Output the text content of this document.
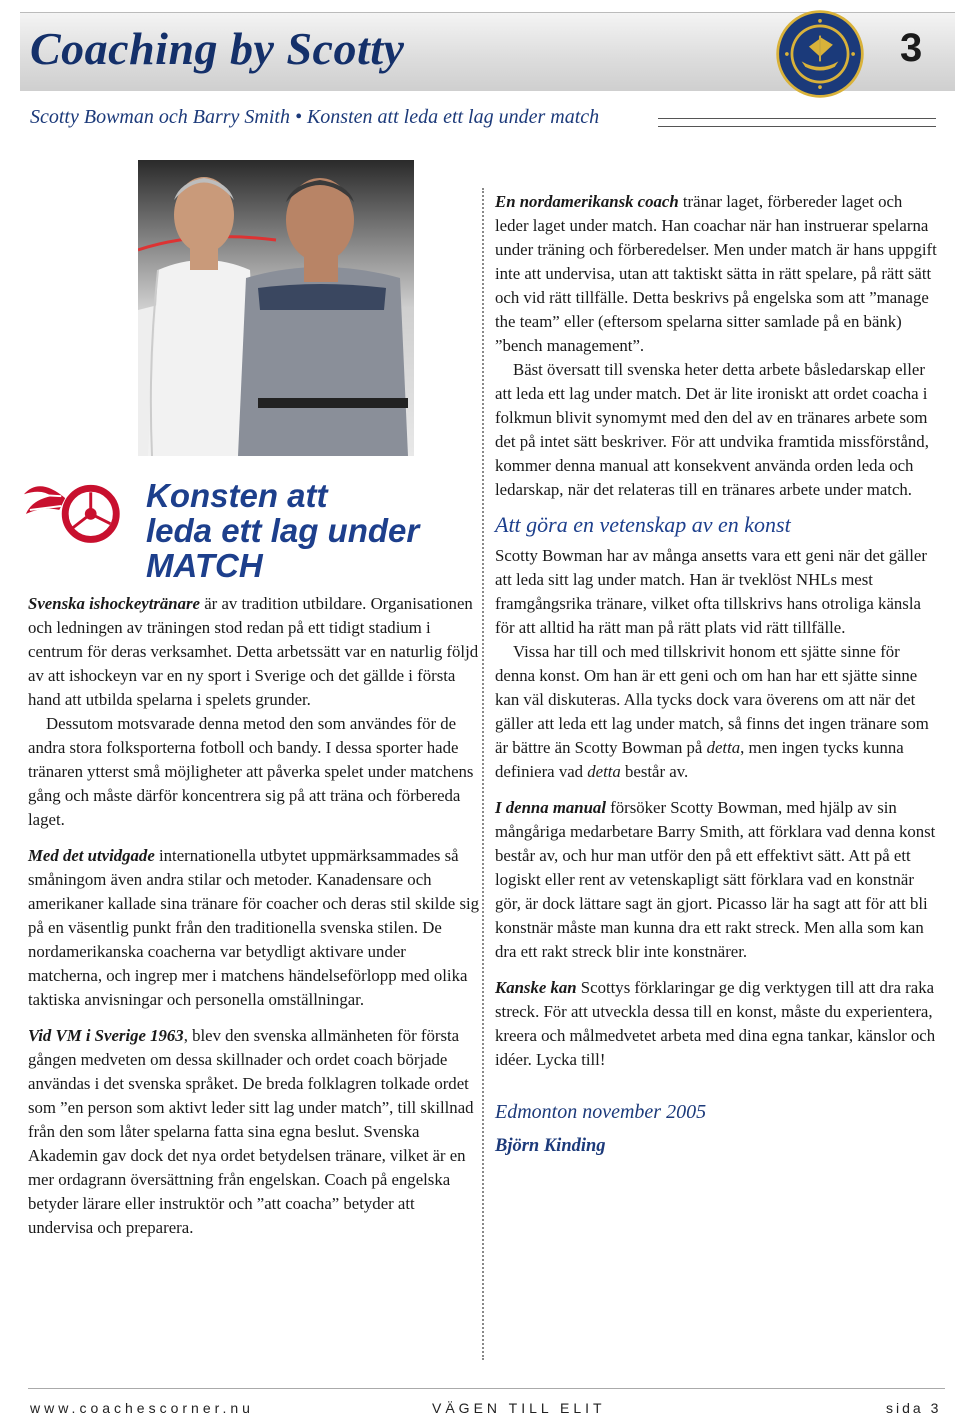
Coaching by Scotty	3
Scotty Bowman och Barry Smith • Konsten att leda ett lag under match
Konsten att
leda ett lag under
MATCH

Svenska ishockeytränare är av tradition utbildare. Organisationen och ledningen av träningen stod redan på ett tidigt stadium i centrum för deras verksamhet. Detta arbetssätt var en naturlig följd av att ishockeyn var en ny sport i Sverige och det gällde i första hand att utbilda spelarna i spelets grunder.

Dessutom motsvarade denna metod den som användes för de andra stora folksporterna fotboll och bandy. I dessa sporter hade tränaren ytterst små möjligheter att påverka spelet under matchens gång och måste därför koncentrera sig på att träna och förbereda laget.

Med det utvidgade internationella utbytet uppmärksammades så småningom även andra stilar och metoder. Kanadensare och amerikaner kallade sina tränare för coacher och deras stil skilde sig på en väsentlig punkt från den traditionella svenska stilen. De nordamerikanska coacherna var betydligt aktivare under matcherna, och ingrep mer i matchens händelseförlopp med olika taktiska anvisningar och personella omställningar.

Vid VM i Sverige 1963, blev den svenska allmänheten för första gången medveten om dessa skillnader och ordet coach började användas i det svenska språket. De breda folklagren tolkade ordet som ”en person som aktivt leder sitt lag under match”, till skillnad från den som låter spelarna fatta sina egna beslut. Svenska Akademin gav dock det nya ordet betydelsen tränare, vilket är en mer ordagrann översättning från engelskan. Coach på engelska betyder lärare eller instruktör och ”att coacha” betyder att undervisa och preparera.

En nordamerikansk coach tränar laget, förbereder laget och leder laget under match. Han coachar när han instruerar spelarna under träning och förberedelser. Men under match är hans uppgift inte att undervisa, utan att taktiskt sätta in rätt spelare, på rätt sätt och vid rätt tillfälle. Detta beskrivs på engelska som att ”manage the team” eller (eftersom spelarna sitter samlade på en bänk) ”bench management”.

Bäst översatt till svenska heter detta arbete båsledarskap eller att leda ett lag under match. Det är lite ironiskt att ordet coacha i folkmun blivit synomymt med den del av en tränares arbete som det på intet sätt beskriver. För att undvika framtida missförstånd, kommer denna manual att konsekvent använda orden leda och ledarskap, när det relateras till en tränares arbete under match.

Att göra en vetenskap av en konst

Scotty Bowman har av många ansetts vara ett geni när det gäller att leda sitt lag under match. Han är tveklöst NHLs mest framgångsrika tränare, vilket ofta tillskrivs hans otroliga känsla för att alltid ha rätt man på rätt plats vid rätt tillfälle.

Vissa har till och med tillskrivit honom ett sjätte sinne för denna konst. Om han är ett geni och om han har ett sjätte sinne kan väl diskuteras. Alla tycks dock vara överens om att när det gäller att leda ett lag under match, så finns det ingen tränare som är bättre än Scotty Bowman på detta, men ingen tycks kunna definiera vad detta består av.

I denna manual försöker Scotty Bowman, med hjälp av sin mångåriga medarbetare Barry Smith, att förklara vad denna konst består av, och hur man utför den på ett effektivt sätt. Att på ett logiskt eller rent av vetenskapligt sätt förklara vad en konstnär gör, är dock lättare sagt än gjort. Picasso lär ha sagt att för att bli konstnär måste man kunna dra ett rakt streck. Men alla som kan dra ett rakt streck blir inte konstnärer.

Kanske kan Scottys förklaringar ge dig verktygen till att dra raka streck. För att utveckla dessa till en konst, måste du experientera, kreera och målmedvetet arbeta med dina egna tankar, känslor och idéer. Lycka till!

Edmonton november 2005
Björn Kinding
www.coachescorner.nu	VÄGEN TILL ELIT	sida 3
